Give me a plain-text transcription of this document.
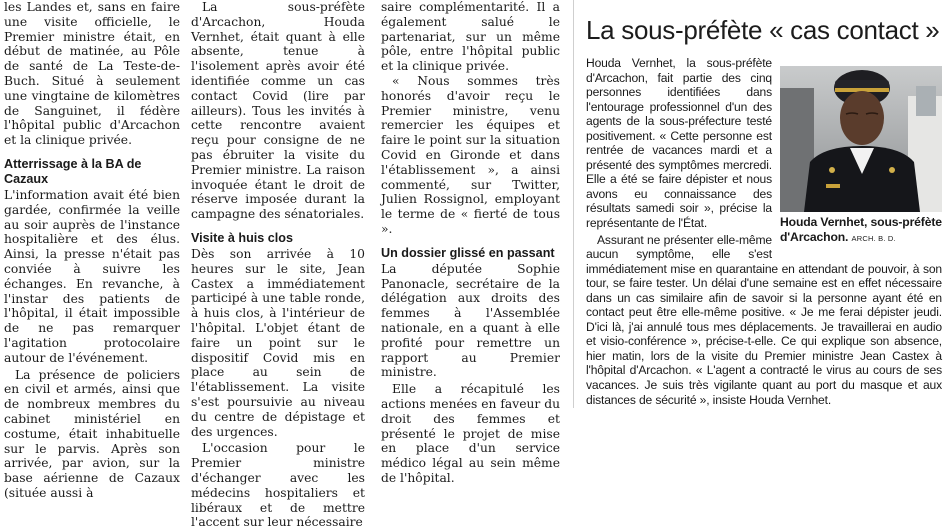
les Landes et, sans en faire une visite officielle, le Premier ministre était, en début de matinée, au Pôle de santé de La Teste-de-Buch. Situé à seulement une vingtaine de kilomètres de Sanguinet, il fédère l'hôpital public d'Arcachon et la clinique privée.

Atterrissage à la BA de Cazaux

L'information avait été bien gardée, confirmée la veille au soir auprès de l'instance hospitalière et des élus. Ainsi, la presse n'était pas conviée à suivre les échanges. En revanche, à l'instar des patients de l'hôpital, il était impossible de ne pas remarquer l'agitation protocolaire autour de l'événement.

La présence de policiers en civil et armés, ainsi que de nombreux membres du cabinet ministériel en costume, était inhabituelle sur le parvis. Après son arrivée, par avion, sur la base aérienne de Cazaux (située aussi à

La sous-préfète d'Arcachon, Houda Vernhet, était quant à elle absente, tenue à l'isolement après avoir été identifiée comme un cas contact Covid (lire par ailleurs). Tous les invités à cette rencontre avaient reçu pour consigne de ne pas ébruiter la visite du Premier ministre. La raison invoquée étant le droit de réserve imposée durant la campagne des sénatoriales.

Visite à huis clos

Dès son arrivée à 10 heures sur le site, Jean Castex a immédiatement participé à une table ronde, à huis clos, à l'intérieur de l'hôpital. L'objet étant de faire un point sur le dispositif Covid mis en place au sein de l'établissement. La visite s'est poursuivie au niveau du centre de dépistage et des urgences.

L'occasion pour le Premier ministre d'échanger avec les médecins hospitaliers et libéraux et de mettre l'accent sur leur nécessaire

saire complémentarité. Il a également salué le partenariat, sur un même pôle, entre l'hôpital public et la clinique privée.

« Nous sommes très honorés d'avoir reçu le Premier ministre, venu remercier les équipes et faire le point sur la situation Covid en Gironde et dans l'établissement », a ainsi commenté, sur Twitter, Julien Rossignol, employant le terme de « fierté de tous ».

Un dossier glissé en passant

La députée Sophie Panonacle, secrétaire de la délégation aux droits des femmes à l'Assemblée nationale, en a quant à elle profité pour remettre un rapport au Premier ministre.

Elle a récapitulé les actions menées en faveur du droit des femmes et présenté le projet de mise en place d'un service médico légal au sein même de l'hôpital.

La sous-préfète « cas contact »
Houda Vernhet, sous-préfète d'Arcachon. ARCH. B. D.

Houda Vernhet, la sous-préfète d'Arcachon, fait partie des cinq personnes identifiées dans l'entourage professionnel d'un des agents de la sous-préfecture testé positivement. « Cette personne est rentrée de vacances mardi et a présenté des symptômes mercredi. Elle a été se faire dépister et nous avons eu connaissance des résultats samedi soir », précise la représentante de l'État.

Assurant ne présenter elle-même aucun symptôme, elle s'est immédiatement mise en quarantaine en attendant de pouvoir, à son tour, se faire tester. Un délai d'une semaine est en effet nécessaire dans un cas similaire afin de savoir si la personne ayant été en contact peut être elle-même positive. « Je me ferai dépister jeudi. D'ici là, j'ai annulé tous mes déplacements. Je travaillerai en audio et visio-conférence », précise-t-elle. Ce qui explique son absence, hier matin, lors de la visite du Premier ministre Jean Castex à l'hôpital d'Arcachon. « L'agent a contracté le virus au cours de ses vacances. Je suis très vigilante quant au port du masque et aux distances de sécurité », insiste Houda Vernhet.
